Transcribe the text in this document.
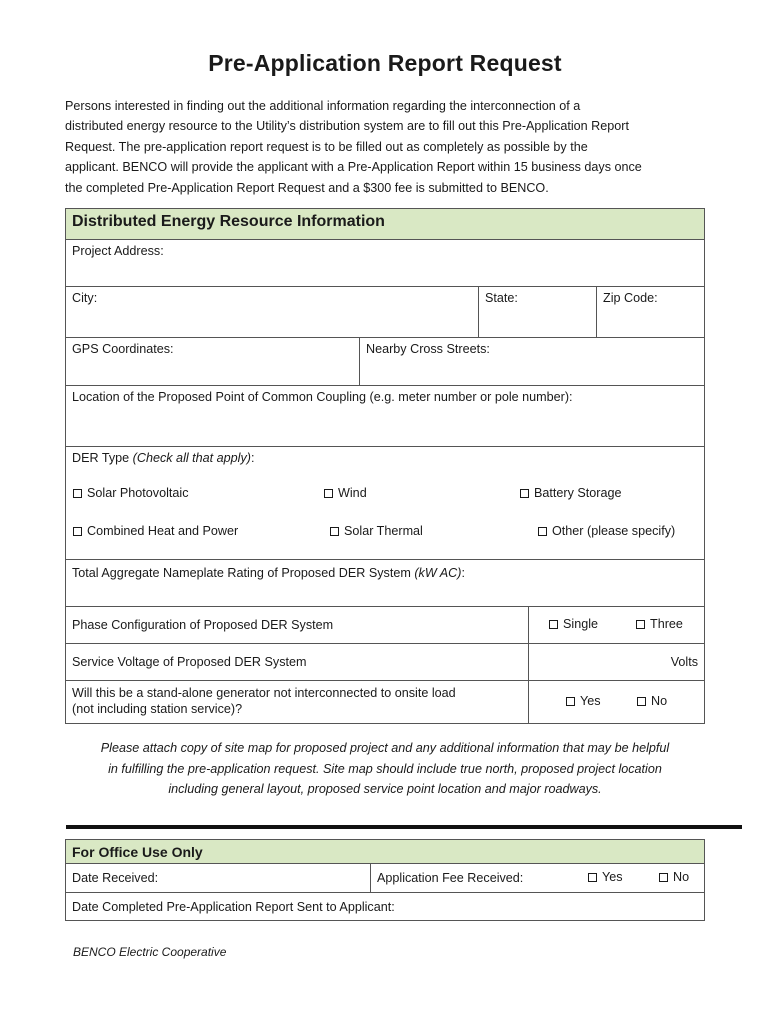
Pre-Application Report Request

Persons interested in finding out the additional information regarding the interconnection of a

distributed energy resource to the Utility’s distribution system are to fill out this Pre-Application Report

Request. The pre-application report request is to be filled out as completely as possible by the

applicant. BENCO will provide the applicant with a Pre-Application Report within 15 business days once

the completed Pre-Application Report Request and a $300 fee is submitted to BENCO.

Distributed Energy Resource Information
Project Address:
City:	State:	Zip Code:
GPS Coordinates:	Nearby Cross Streets:
Location of the Proposed Point of Common Coupling (e.g. meter number or pole number):
DER Type (Check all that apply):
Solar Photovoltaic	Wind	Battery Storage
Combined Heat and Power	Solar Thermal	Other (please specify)
Total Aggregate Nameplate Rating of Proposed DER System (kW AC):
Phase Configuration of Proposed DER System	Single	Three
Service Voltage of Proposed DER System	Volts
Will this be a stand-alone generator not interconnected to onsite load
(not including station service)?
Yes	No

Please attach copy of site map for proposed project and any additional information that may be helpful

in fulfilling the pre-application request. Site map should include true north, proposed project location

including general layout, proposed service point location and major roadways.

For Office Use Only
Date Received:	Application Fee Received:	Yes	No
Date Completed Pre-Application Report Sent to Applicant:
BENCO Electric Cooperative
